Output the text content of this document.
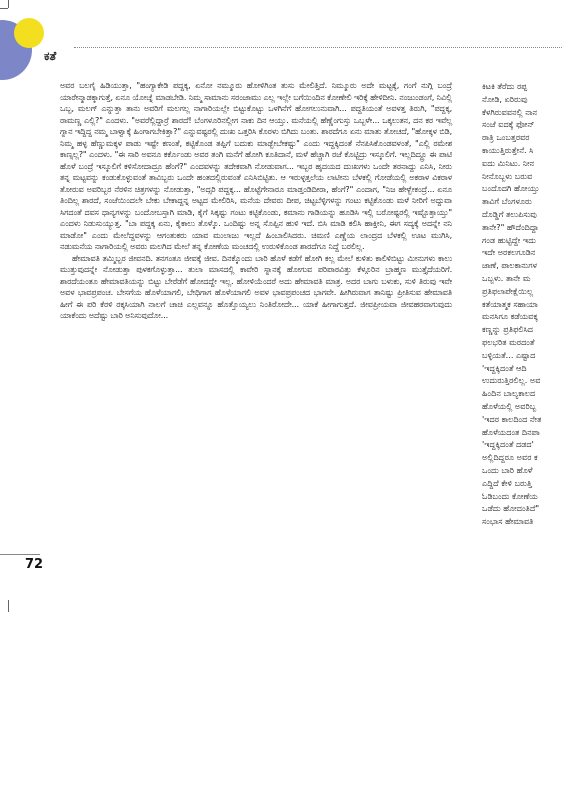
ಕತೆ

ಅವರ ಬಲಗೈ ಹಿಡಿಯುತ್ತಾ, "ಹಂಗ್ಯಾಕೇಡಿ ಪದ್ದಕ್ಕ, ಏನೋ ನಮ್ಮೂರು ಹೋಳಿಗಿಂತ ತುಸು ಮೇಲಿತ್ತಿದೆ. ನಿಮ್ಮೂರು ಅದೇ ಮಟ್ಟಕ್ಕೆ, ಗಂಗೆ ನುಗ್ಗಿ ಬಂದ್ರೆ ಯಾರೇನ್ಮಾಡಕ್ಕಾಗುತ್ತೆ, ಏನೂ ಯೋಚ್ನೆ ಮಾಡಬೇಡಿ. ನಿಮ್ಮ ಸಾಮಾನು ಸರಂಜಾಮು ಎಲ್ಲ ಇಲ್ಲೇ ಬಗೆಯಿಂದಿನ ಕೋಣೇಲಿ ಇರಿಕ್ಕೆ ಹೇಳಿದೀನಿ. ನಂಜುಂಡಂಗೆ, ನಿವಿಲ್ಲಿ ಒಬ್ಬ, ಮಲಗ್ ಎನ್ನುತ್ತಾ ತಾನು ಅವರಿಗೆ ಮಲಗಲ್ಲ ನಾಗಾರಿಯಲ್ಲೇ ಬಿಟ್ಟುಕೊಟ್ಟು ಒಳಗಿನೆಗೆ ಹೋಗಲುನುವಾಗಿ... ಪದ್ದತಿಯಂತೆ ಅವಳತ್ತ ತಿರುಗಿ, "ಪದ್ದಕ್ಕ, ರಾಮಣ್ಣ ಎಲ್ಲಿ?" ಎಂದಳು. "ಅವರೆಲ್ಲಿದ್ದಾರ್ರೆ ಶಾರದೆ! ಬೆಂಗಳೂರಿನಲ್ಲೀಗ ನಾಕು ದಿನ ಆಯ್ತು. ಮನೆಯಲ್ಲಿ ಹೆಣ್ಣೆಂಗುಸ್ತು ಒಬ್ಬಳೇ... ಒಕ್ಕಲುತನ, ದನ ಕರ ಇವೆಲ್ಲ ಗ್ನಾನ ಇದ್ದಿದ್ದ ನಮ್ಮ ಬಾಳ್ವಾಕ್ಕೆ ಹಿಂಗಾಗಬೇಕಿತ್ತಾ?" ಎನ್ನುವಷ್ಟರಲ್ಲಿ ದುಃಖ ಒತ್ತರಿಸಿ ಕೊರಳು ಬಿಗಿದು ಬಂತು. ಶಾರದೆಗೂ ಏನು ಮಾತು ತೋಚದೆ, "ಹೋಕ್ಕಳ ಬಿಡಿ, ನಿಮ್ಮ ಹಳ್ಳ ಹೆಣ್ಣುಮಕ್ಕಳ ಪಾಡು ಇಷ್ಟೇ ಕಣಂತೆ, ಕಟ್ಟಿಕೊಂಡ ತಪ್ಪಿಗೆ ಬದುಕು ಮಾಡ್ಬೇಬೇಕಷ್ಟು" ಎಂದು ಇದ್ದಕ್ಕಿದಂತೆ ನೆನಪಿಸಿಕೊಂಡವಳಂತೆ, "ಎಲ್ಲಿ ರಮೇಶ ಕಾಣ್ಸಲ್ಲ?" ಎಂದಳು. "ಈ ಸಾರಿ ಅವನೂ ಕರ್ಕೊಂಡು ಅವರ ತಂಗಿ ಮನೆಗೆ ಹೋಗಿ ಕೂತಿದಾನೆ, ಮಳೆ ಹೆಚ್ಚಾಗಿ ರಜೆ ಕೊಟ್ಟಿದ್ರು ಇಸ್ಕೂಲಿಗೆ. ಇಲ್ಲದಿದ್ದ್ರೂ ಈ ಪಾಟಿ ಹೊಳೆ ಬಂದ್ರೆ ಇಸ್ಕೂಲಿಗೆ ಕಳಿಸೋದಾದ್ರೂ ಹೆಂಗೆ?" ಎಂದವಳನ್ನು ತದೇಕವಾಗಿ ನೋಡುವಾಗ... ಇಬ್ಬರ ಹೃದಯದ ದುಃಖಗಳು ಒಂದೇ ತರನಾದ್ದು ಎನಿಸಿ, ನೀರು ತನ್ನ ಮಟ್ಟವನ್ನು ಕಂಡುಕೊಳ್ಳುವಂತೆ ತಾವಿಬ್ಬರು ಒಂದೇ ಹಂತದಲ್ಲಿರುವಂತೆ ಎನಿಸಿಬಿಟ್ಟಿತು. ಆ ಇರುಳ್ಳತ್ತಲೆಯ ಲಾಟೀನು ಬೆಳಕಲ್ಲಿ ಗೋಡೆಯಲ್ಲಿ ಅಕರಾಳ ವಿಕರಾಳ ತೋರುವ ಅವರಿಬ್ಬರ ನೆರಳಿನ ಚಿತ್ರಗಳನ್ನು ನೋಡುತ್ತಾ, "ಅದ್ಸರಿ ಪದ್ದಕ್ಕ... ಹೊಟ್ಟೆಗೇನಾರೂ ಮಾಡ್ತಂಡಿದೀರಾ, ಹೆಂಗೆ?" ಎಂದಾಗ, "ನಿಜ ಹೇಳ್ಬೇಕಂದ್ರೆ... ಏನೂ ತಿಂದಿಲ್ಲ ಶಾರದೆ, ಸಂಜೆಯಿಂದಲೇ ಬೇಕು ಬೇಕಾದ್ದನ್ನ ಅಟ್ಟದ ಮೇಲಿರಿಸಿ, ಮನೆಯ ದೇವರು ದೀಪ, ಚಿಟ್ಟಬೆಳ್ಳಿಗಳನ್ನು ಗಂಟು ಕಟ್ಟಿಕೊಂಡು ಮಳೆ ನೀರಿಗೆ ಅದ್ದುವಾ ಸಿಗದಂತೆ ದವಸ ಧಾನ್ಯಗಳನ್ನು ಬಂದೋಬಸ್ತಾಗಿ ಮಾಡಿ, ಕೈಗೆ ಸಿಕ್ಕಷ್ಟು ಗಂಟು ಕಟ್ಟಿಕೊಂಡು, ಕಮಾನು ಗಾಡಿಯನ್ನು ಹೂಡಿಸಿ ಇಲ್ಲಿ ಬರೋಷ್ಟರಲ್ಲಿ ಇಷ್ಟೊತ್ತಾಯ್ತು" ಎಂದಳು ನಿಡುಸುಯ್ಯುತ್ತ. "ಬಾ ಪದ್ದಕ್ಕ ಏನು, ಕೈಕಾಲು ತೊಳ್ಕೊ. ಒಂದಿಷ್ಟು ಅನ್ನ ಸೊಪ್ಪಿನ ಹುಳಿ ಇದೆ. ಬಿಸಿ ಮಾಡಿ ಕಲಿಸಿ ಹಾಕ್ತೀನಿ, ಈಗ ಸದ್ಯಕ್ಕೆ ಅದನ್ನೇ ನನಿ ಮಾಡೋ" ಎಂದು ಮೇಲೆದ್ದವಳನ್ನು ಆಗಂತುಕರು ಯಾವ ಮುಲಾಜು ಇಲ್ಲದೆ ಹಿಂಬಾಲಿಸಿದರು. ಚಿಮಣಿ ಎಣ್ಣೆಯ ಲಾಂದ್ರದ ಬೆಳಕಲ್ಲಿ ಊಟ ಮುಗಿಸಿ, ನಡುಮನೆಯ ನಾಗಾರಿಯಲ್ಲಿ ಅವರು ಮಲಗಿದ ಮೇಲೆ ತನ್ನ ಕೋಣೆಯ ಮಂಚದಲ್ಲಿ ಉರುಳಿಕೊಂಡ ಶಾರದೆಗೂ ನಿದ್ದೆ ಬರಲಿಲ್ಲ.

ಹೇಮಾವತಿ ತಮ್ಮಿಬ್ಬರ ಜೀವನದಿ. ತನಗಂತೂ ಜೀವಕ್ಕೆ ಜೀವ. ದಿನಕ್ಕೊಂದು ಬಾರಿ ಹೊಳೆ ಕಡೆಗೆ ಹೋಗಿ ಕಲ್ಲ ಮೇಲೆ ಕುಳಿತು ಕಾಲಿಳಿಬಿಟ್ಟು ಮೀನುಗಳು ಕಾಲು ಮುತ್ತುವುದನ್ನೇ ನೋಡುತ್ತಾ ಪುಳಕಗೊಳ್ಳುತ್ತಾ... ತುಲಾ ಮಾಸದಲ್ಲಿ ಕಾವೇರಿ ಸ್ನಾನಕ್ಕೆ ಹೋಗುವ ಪರಿಪಾಠವಿತ್ತು ಕೆಳ್ಗೂರಿನ ಬ್ರಾಹ್ಮಣ ಮುತ್ತೈದೆಯರಿಗೆ. ಶಾರದೆಯಂತೂ ಹೇಮಾವತಿಯನ್ನು ಬಿಟ್ಟು ಬೇರೆಡೆಗೆ ಹೋದದ್ದೇ ಇಲ್ಲ. ಹೋಳಿಯೆಂದರೆ ಅದು ಹೇಮಾವತಿ ಮಾತ್ರ. ಅದರ ಬಾಗು ಬಳುಕು, ಸುಳಿ ತಿರುವು ಇವೇ ಅವಳ ಭಾವಪ್ರಪಂಚ. ಬೇಸಗೆಯ ಹೊಳೆಯಾಗಲಿ, ಬೇಧಿಗಾಗ ಹೊಳೆಯಾಗಲಿ ಅವಳ ಭಾವಪ್ರಪಂಚದ ಭಾಗವೇ. ಹೀಗಿರುವಾಗ ತಾನಿಷ್ಟು ಪ್ರೀತಿಸುವ ಹೇಮಾವತಿ ಹೀಗೆ ಈ ಪರಿ ಕೆರಳಿ ರಕ್ಕಸಿಯಾಗಿ ನಾಲಗೆ ಚಾಚಿ ಎಲ್ಲವನ್ನೂ ಹೊತ್ತೊಯ್ಯಲು ನಿಂತಿರೋದೇ... ಯಾಕೆ ಹೀಗಾಗುತ್ತದೆ. ಜೀವಪ್ರೀಯವಾ ಜೀವಹರವಾಗುವುದು ಯಾಕೆಂದು ಅದೆಷ್ಟು ಬಾರಿ ಅನಿಸುವುದೋ...

ಕಿಟಕಿ ತೆರೆದು ರಪ್ಪ
ನೋಡಿ, ಏರಿರುವು
ಕೆಳಗಿರುವವನಲ್ಲಿ ನಾನ
ಸಂಜೆ ಐದಕ್ಕೆ ಫೋನ್
ರಾತ್ರಿ ಒಂಬತ್ತರವರ
ಕಾಯುತ್ತಿರುತ್ತೇನೆ. ಸಿ
ಐದು ಮಿನಿಟು. ನೀನ
ನೀನೊಬ್ಬಳು ಬರುವ
ಬಂದೊದಗಿ ಹೋಯ್ತು
ತಾವಿಗೆ ಬೆಂಗಳೂರು
ದೊಡ್ಡಿಗೆ ತಲುಪಿಸುವು
ತಾನೇ?" ಹೌದೆಂದಿದ್ದಾ
ಗಂಡ ಹುಟ್ಟಿದ್ದೇ ಇದು
ಇದೇ ಅರಕಲಗೂಡಿನ
ಜಾಣೆ, ಪಾಲಕಾನುಗಳ
ಒಬ್ಬಳು. ತಾನೇ ಮ
ಪ್ರತಿಫಲಾಪೇಕ್ಷೆಯಿಲ್ಲ
ಕತೆಯಾತ್ಮಕ ಸಹಾಯಾ
ಮನಸಿಗೂ ಕಡೆಯವಕ್ಕ
ಕಣ್ಣನ್ನು ಪ್ರತಿಫಲಿಸಿದ
ಫಲಭರಿತ ಮರದಂತೆ
ಬಳ್ಳಿಯತೆ... ಎಷ್ಟಾದ
'ಇದ್ದಕ್ಕಿದಂತೆ ಆದಿ
ಉದುರುತ್ತಿರಲಿಲ್ಲ. ಅವ
ಹಿಂದಿನ ಬಾಲ್ಯಕಾಲದ
ಹೊಳೆಯಲ್ಲಿ ಅವರಿಬ್ಬ
'ಇದರ ಕಾಲದಿಂದ ನೇತ
ಹೊಳೆಯದಂತ ದಿನಪಾ
'ಇದ್ದಕ್ಕಿದಂತೆ ದಡದ'
ಅಲ್ಲಿದಿದ್ದರೂ ಅವರ ಕ
ಒಂದು ಬಾರಿ ಹೊಳೆ
ಎದ್ದಿದೆ ಕೇಳಿ ಬರುತ್ತಿ
ಓಡಿಬಂದು ಕೋಣೆಯ
ಒಡೆದು ಹೋದಂತಿದೆ"
ಸಂಭಾಸ ಹೇಮಾವತಿ
72
